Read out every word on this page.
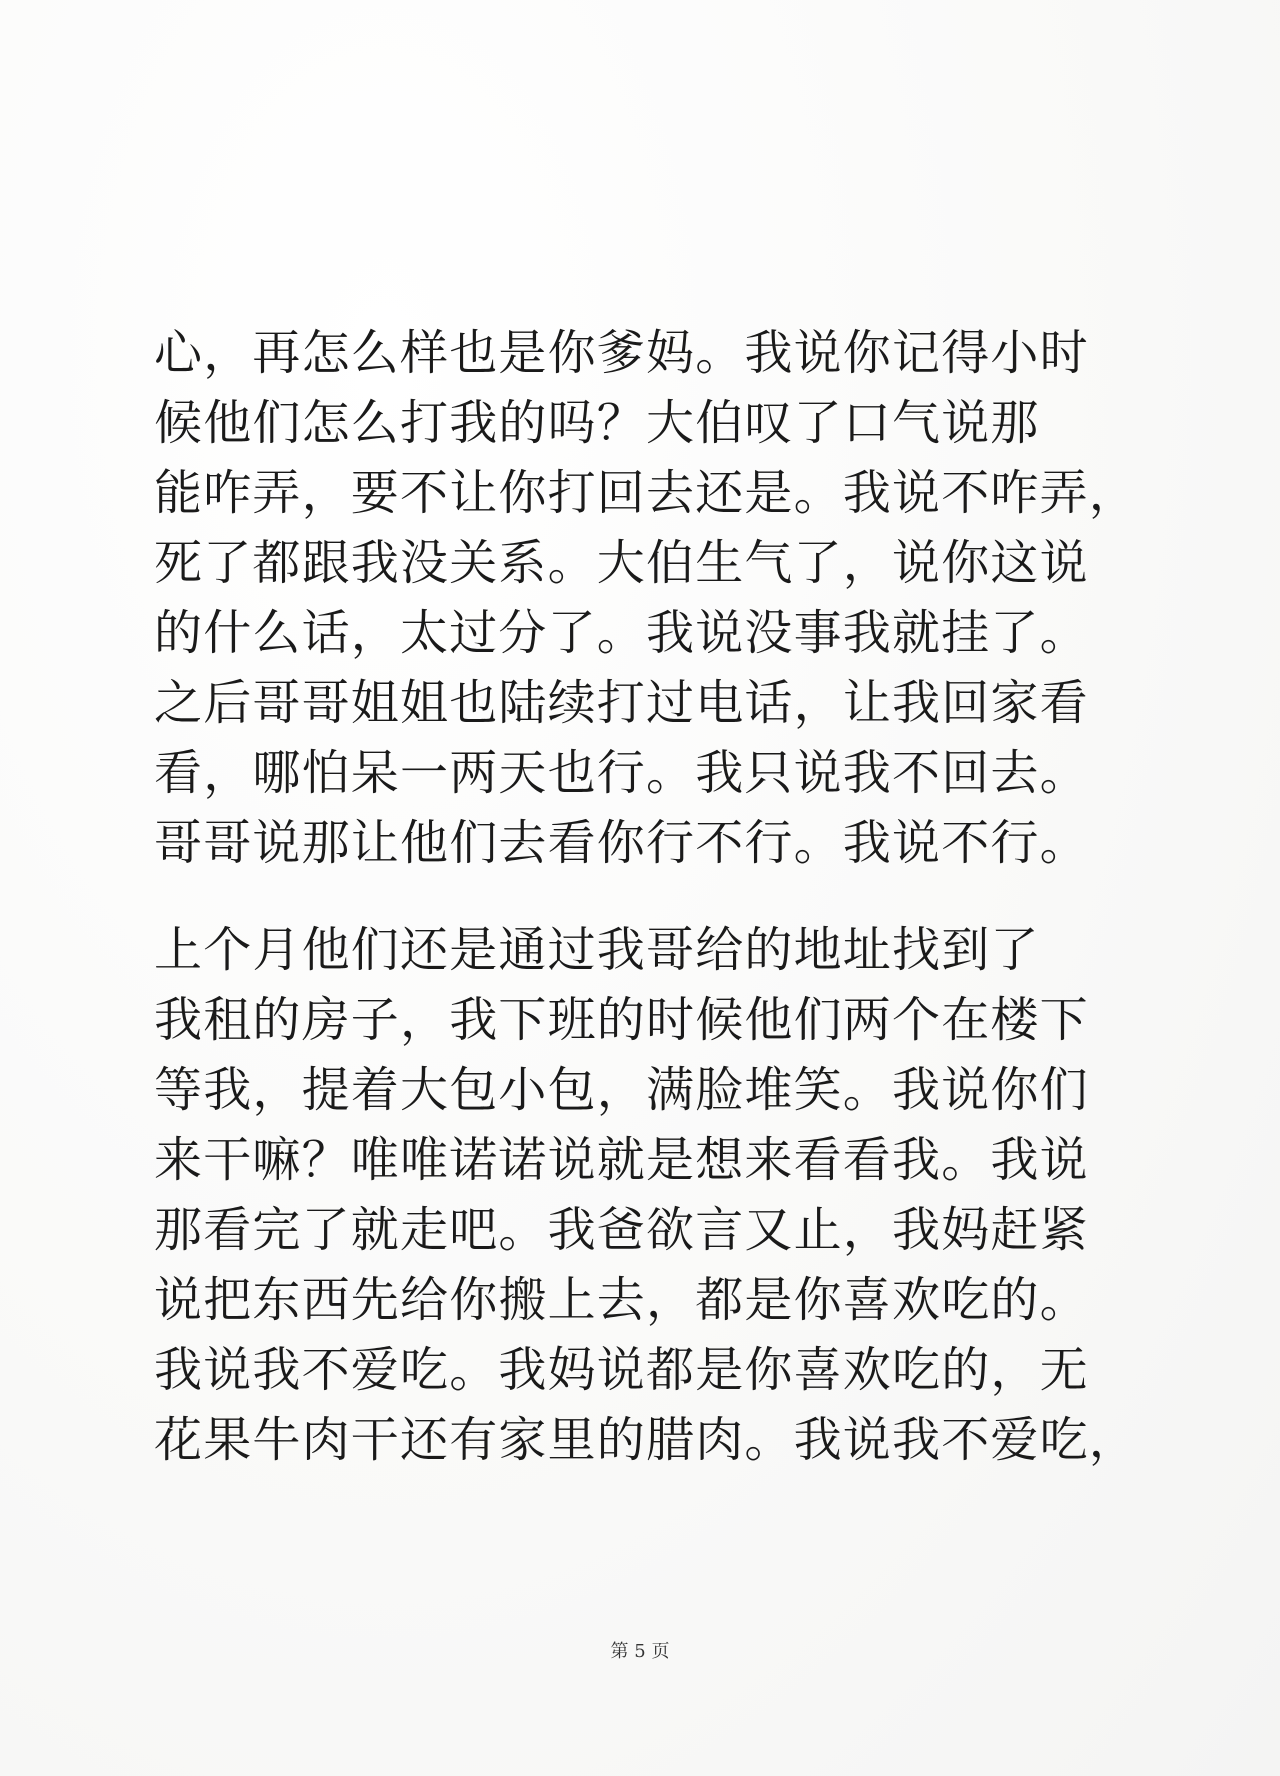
心，再怎么样也是你爹妈。我说你记得小时
候他们怎么打我的吗？大伯叹了口气说那
能咋弄，要不让你打回去还是。我说不咋弄，
死了都跟我没关系。大伯生气了，说你这说
的什么话，太过分了。我说没事我就挂了。
之后哥哥姐姐也陆续打过电话，让我回家看
看，哪怕呆一两天也行。我只说我不回去。
哥哥说那让他们去看你行不行。我说不行。
上个月他们还是通过我哥给的地址找到了
我租的房子，我下班的时候他们两个在楼下
等我，提着大包小包，满脸堆笑。我说你们
来干嘛？唯唯诺诺说就是想来看看我。我说
那看完了就走吧。我爸欲言又止，我妈赶紧
说把东西先给你搬上去，都是你喜欢吃的。
我说我不爱吃。我妈说都是你喜欢吃的，无
花果牛肉干还有家里的腊肉。我说我不爱吃，
第 5 页
